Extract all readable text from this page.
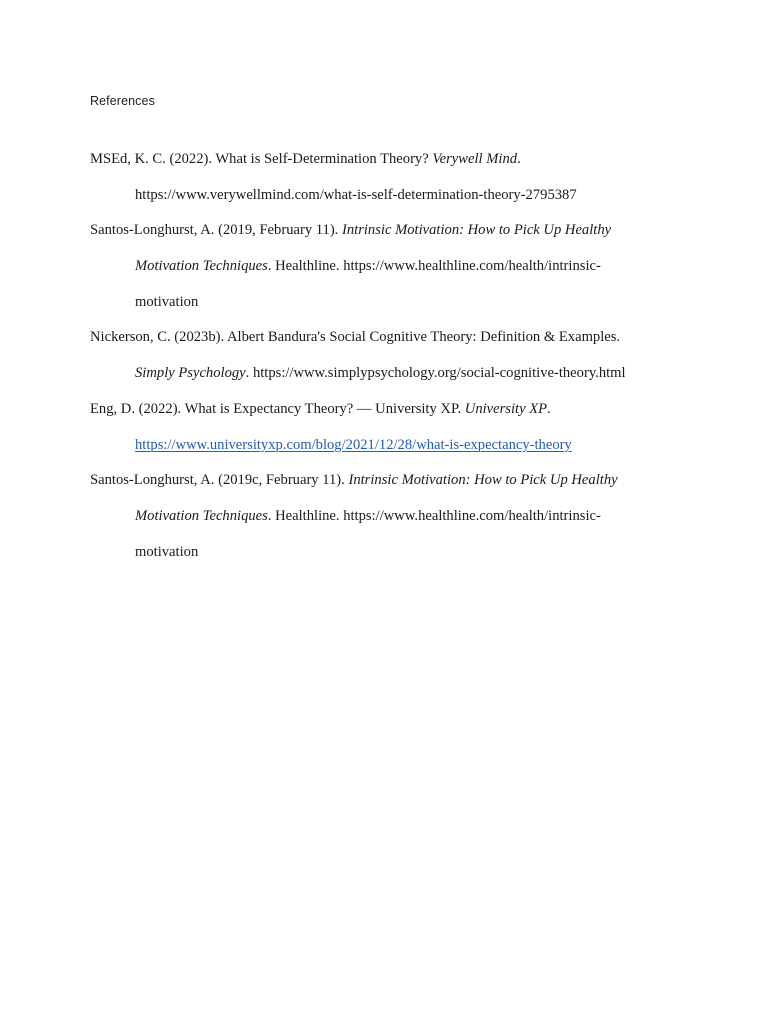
References
MSEd, K. C. (2022). What is Self-Determination Theory? Verywell Mind.
https://www.verywellmind.com/what-is-self-determination-theory-2795387
Santos-Longhurst, A. (2019, February 11). Intrinsic Motivation: How to Pick Up Healthy
Motivation Techniques. Healthline. https://www.healthline.com/health/intrinsic-
motivation
Nickerson, C. (2023b). Albert Bandura's Social Cognitive Theory: Definition & Examples.
Simply Psychology. https://www.simplypsychology.org/social-cognitive-theory.html
Eng, D. (2022). What is Expectancy Theory? — University XP. University XP.
https://www.universityxp.com/blog/2021/12/28/what-is-expectancy-theory
Santos-Longhurst, A. (2019c, February 11). Intrinsic Motivation: How to Pick Up Healthy
Motivation Techniques. Healthline. https://www.healthline.com/health/intrinsic-
motivation
